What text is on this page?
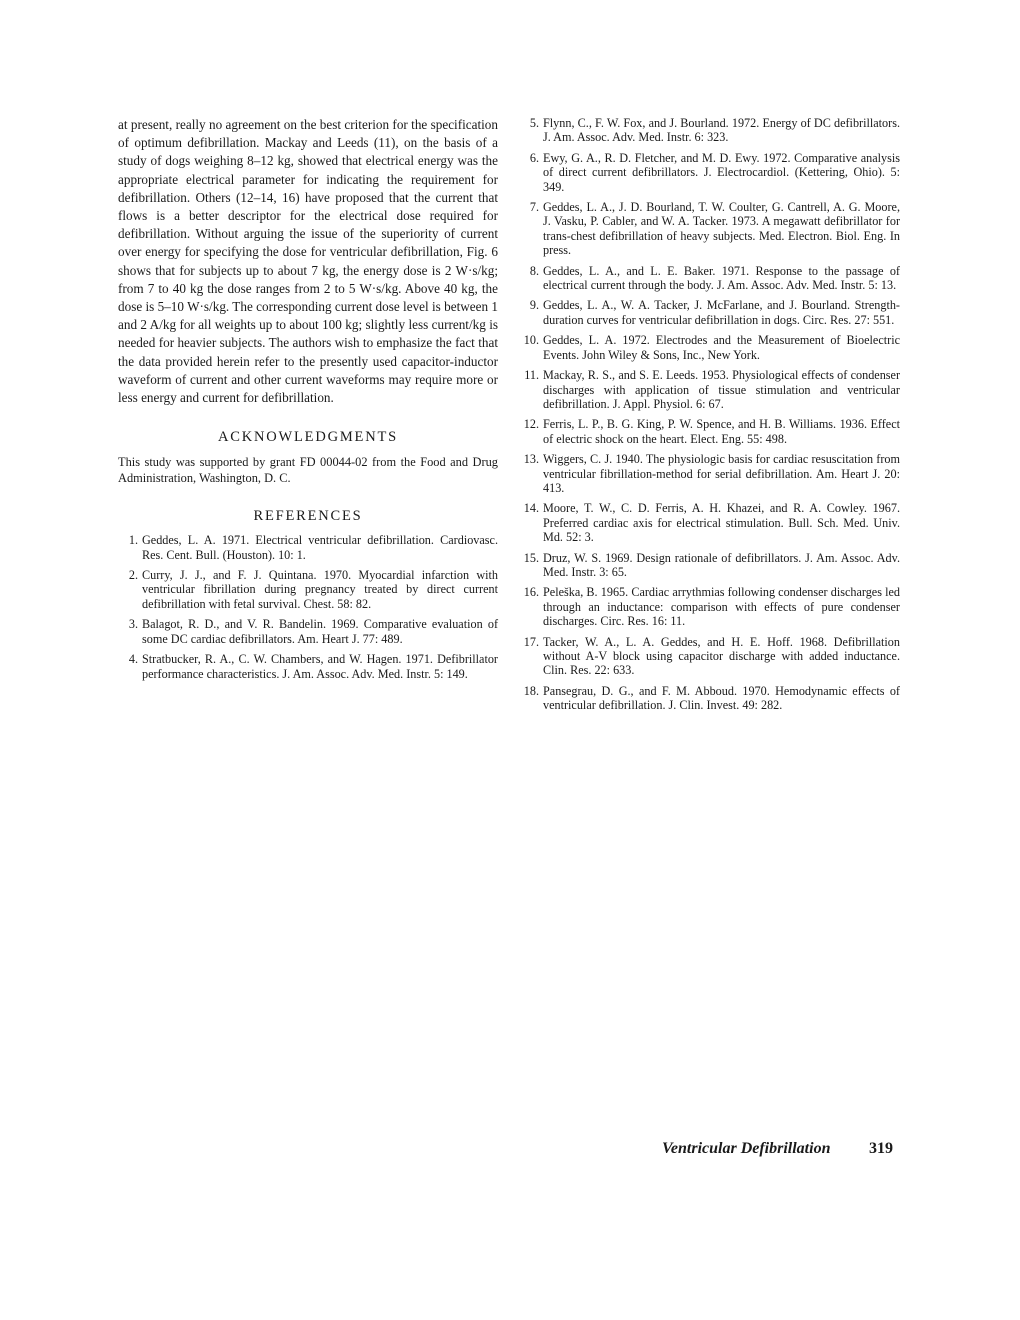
at present, really no agreement on the best criterion for the specification of optimum defibrillation. Mackay and Leeds (11), on the basis of a study of dogs weighing 8–12 kg, showed that electrical energy was the appropriate electrical parameter for indicating the requirement for defibrillation. Others (12–14, 16) have proposed that the current that flows is a better descriptor for the electrical dose required for defibrillation. Without arguing the issue of the superiority of current over energy for specifying the dose for ventricular defibrillation, Fig. 6 shows that for subjects up to about 7 kg, the energy dose is 2 W·s/kg; from 7 to 40 kg the dose ranges from 2 to 5 W·s/kg. Above 40 kg, the dose is 5–10 W·s/kg. The corresponding current dose level is between 1 and 2 A/kg for all weights up to about 100 kg; slightly less current/kg is needed for heavier subjects. The authors wish to emphasize the fact that the data provided herein refer to the presently used capacitor-inductor waveform of current and other current waveforms may require more or less energy and current for defibrillation.

ACKNOWLEDGMENTS

This study was supported by grant FD 00044-02 from the Food and Drug Administration, Washington, D. C.

REFERENCES
1. Geddes, L. A. 1971. Electrical ventricular defibrillation. Cardiovasc. Res. Cent. Bull. (Houston). 10: 1.
2. Curry, J. J., and F. J. Quintana. 1970. Myocardial infarction with ventricular fibrillation during pregnancy treated by direct current defibrillation with fetal survival. Chest. 58: 82.
3. Balagot, R. D., and V. R. Bandelin. 1969. Comparative evaluation of some DC cardiac defibrillators. Am. Heart J. 77: 489.
4. Stratbucker, R. A., C. W. Chambers, and W. Hagen. 1971. Defibrillator performance characteristics. J. Am. Assoc. Adv. Med. Instr. 5: 149.
5. Flynn, C., F. W. Fox, and J. Bourland. 1972. Energy of DC defibrillators. J. Am. Assoc. Adv. Med. Instr. 6: 323.
6. Ewy, G. A., R. D. Fletcher, and M. D. Ewy. 1972. Comparative analysis of direct current defibrillators. J. Electrocardiol. (Kettering, Ohio). 5: 349.
7. Geddes, L. A., J. D. Bourland, T. W. Coulter, G. Cantrell, A. G. Moore, J. Vasku, P. Cabler, and W. A. Tacker. 1973. A megawatt defibrillator for trans-chest defibrillation of heavy subjects. Med. Electron. Biol. Eng. In press.
8. Geddes, L. A., and L. E. Baker. 1971. Response to the passage of electrical current through the body. J. Am. Assoc. Adv. Med. Instr. 5: 13.
9. Geddes, L. A., W. A. Tacker, J. McFarlane, and J. Bourland. Strength-duration curves for ventricular defibrillation in dogs. Circ. Res. 27: 551.
10. Geddes, L. A. 1972. Electrodes and the Measurement of Bioelectric Events. John Wiley & Sons, Inc., New York.
11. Mackay, R. S., and S. E. Leeds. 1953. Physiological effects of condenser discharges with application of tissue stimulation and ventricular defibrillation. J. Appl. Physiol. 6: 67.
12. Ferris, L. P., B. G. King, P. W. Spence, and H. B. Williams. 1936. Effect of electric shock on the heart. Elect. Eng. 55: 498.
13. Wiggers, C. J. 1940. The physiologic basis for cardiac resuscitation from ventricular fibrillation-method for serial defibrillation. Am. Heart J. 20: 413.
14. Moore, T. W., C. D. Ferris, A. H. Khazei, and R. A. Cowley. 1967. Preferred cardiac axis for electrical stimulation. Bull. Sch. Med. Univ. Md. 52: 3.
15. Druz, W. S. 1969. Design rationale of defibrillators. J. Am. Assoc. Adv. Med. Instr. 3: 65.
16. Peleška, B. 1965. Cardiac arrythmias following condenser discharges led through an inductance: comparison with effects of pure condenser discharges. Circ. Res. 16: 11.
17. Tacker, W. A., L. A. Geddes, and H. E. Hoff. 1968. Defibrillation without A-V block using capacitor discharge with added inductance. Clin. Res. 22: 633.
18. Pansegrau, D. G., and F. M. Abboud. 1970. Hemodynamic effects of ventricular defibrillation. J. Clin. Invest. 49: 282.
Ventricular Defibrillation 319
